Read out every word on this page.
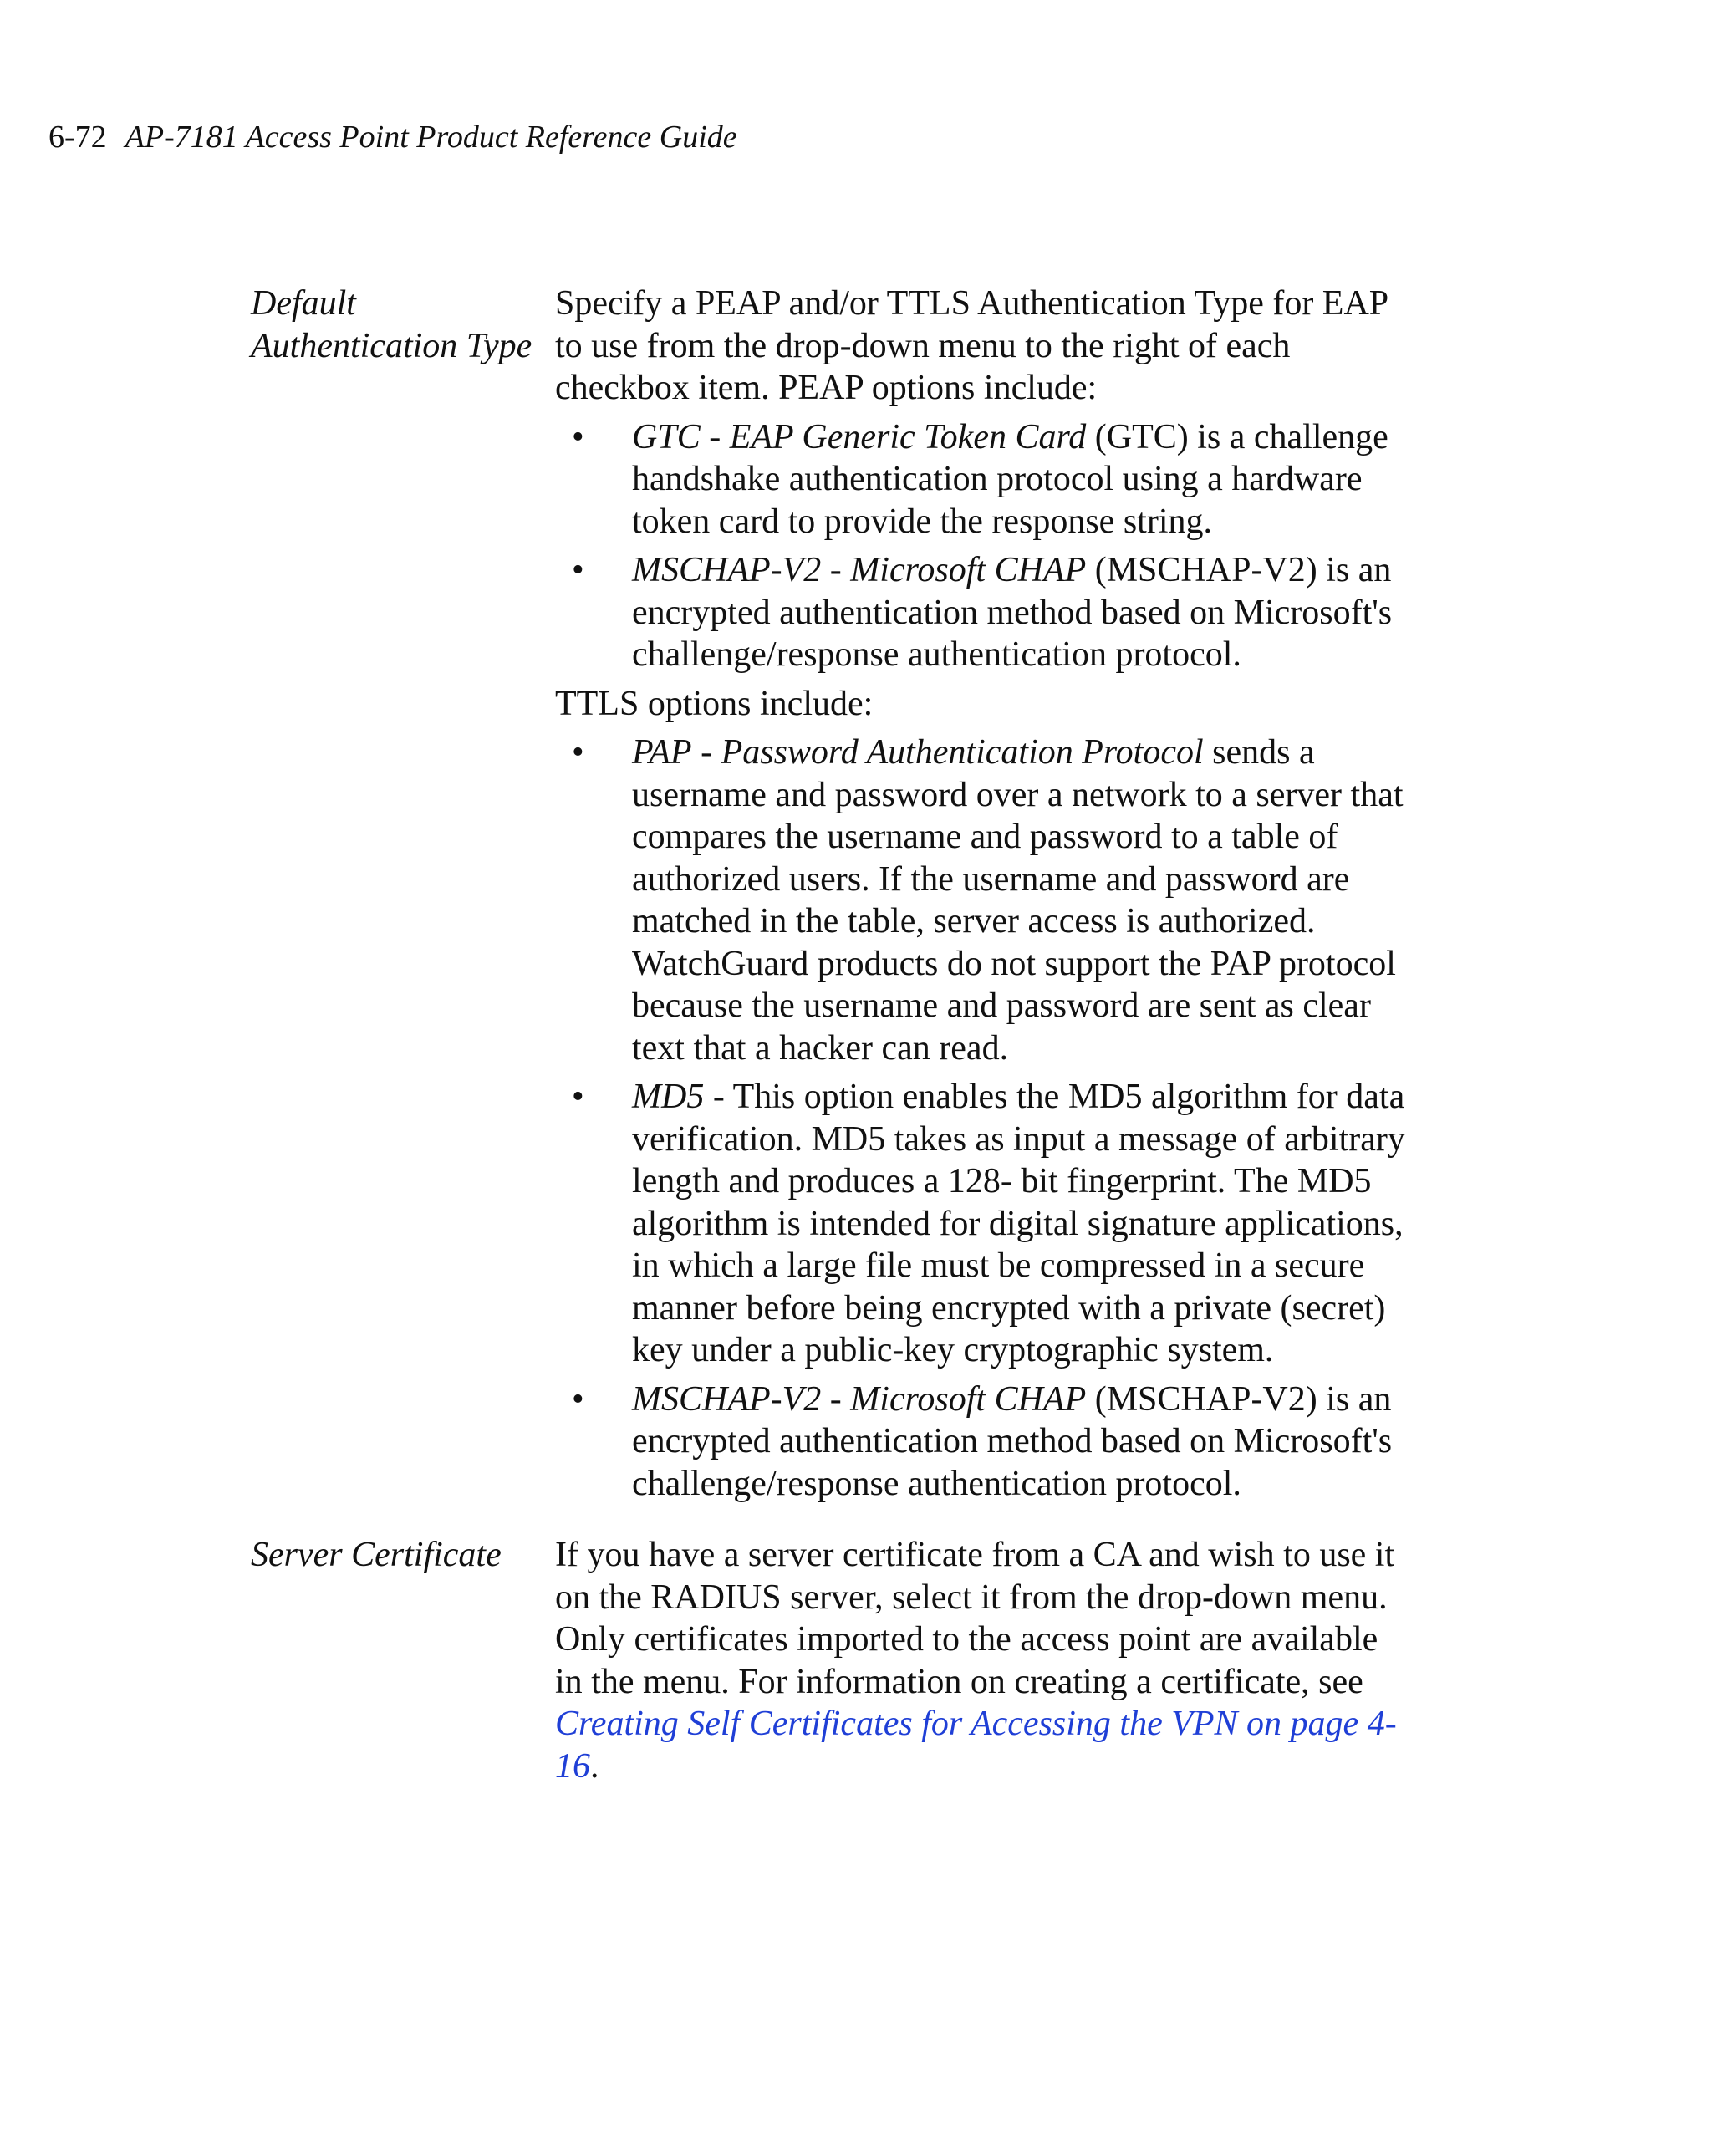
6-72 AP-7181 Access Point Product Reference Guide
Default
Authentication Type

Specify a PEAP and/or TTLS Authentication Type for EAP to use from the drop-down menu to the right of each checkbox item. PEAP options include:

• GTC - EAP Generic Token Card (GTC) is a challenge handshake authentication protocol using a hardware token card to provide the response string.
• MSCHAP-V2 - Microsoft CHAP (MSCHAP-V2) is an encrypted authentication method based on Microsoft's challenge/response authentication protocol.

TTLS options include:

• PAP - Password Authentication Protocol sends a username and password over a network to a server that compares the username and password to a table of authorized users. If the username and password are matched in the table, server access is authorized. WatchGuard products do not support the PAP protocol because the username and password are sent as clear text that a hacker can read.
• MD5 - This option enables the MD5 algorithm for data verification. MD5 takes as input a message of arbitrary length and produces a 128- bit fingerprint. The MD5 algorithm is intended for digital signature applications, in which a large file must be compressed in a secure manner before being encrypted with a private (secret) key under a public-key cryptographic system.
• MSCHAP-V2 - Microsoft CHAP (MSCHAP-V2) is an encrypted authentication method based on Microsoft's challenge/response authentication protocol.
Server Certificate	If you have a server certificate from a CA and wish to use it on the RADIUS server, select it from the drop-down menu. Only certificates imported to the access point are available in the menu. For information on creating a certificate, see Creating Self Certificates for Accessing the VPN on page 4-16.
